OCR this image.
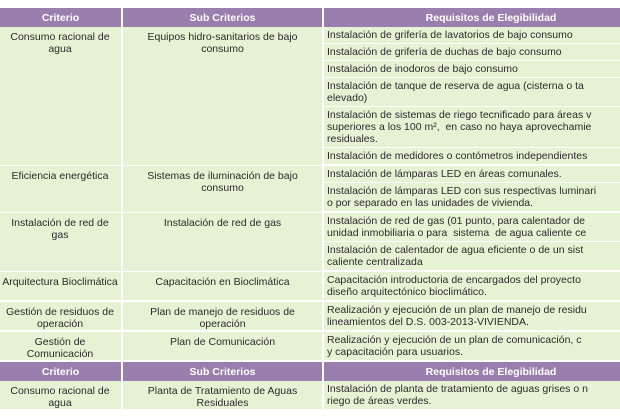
Criterio	Sub Criterios	Requisitos de Elegibilidad

Consumo racional de agua	Equipos hidro-sanitarios de bajo consumo	Instalación de grifería de lavatorios de bajo consumo

		Instalación de grifería de duchas de bajo consumo

		Instalación de inodoros de bajo consumo

		Instalación de tanque de reserva de agua (cisterna o ta
elevado)

		Instalación de sistemas de riego tecnificado para áreas v
superiores a los 100 m²,  en caso no haya aprovechamie
residuales.

		Instalación de medidores o contómetros independientes

Eficiencia energética	Sistemas de iluminación de bajo consumo	Instalación de lámparas LED en áreas comunales.

		Instalación de lámparas LED con sus respectivas luminari
o por separado en las unidades de vivienda.

Instalación de red de gas	Instalación de red de gas	Instalación de red de gas (01 punto, para calentador de
unidad inmobiliaria o para  sistema  de agua caliente ce

		Instalación de calentador de agua eficiente o de un sist
caliente centralizada

Arquitectura Bioclimática	Capacitación en Bioclimática	Capacitación introductoria de encargados del proyecto
diseño arquitectónico bioclimático.

Gestión de residuos de operación	Plan de manejo de residuos de operación	Realización y ejecución de un plan de manejo de residu
lineamientos del D.S. 003-2013-VIVIENDA.

Gestión de Comunicación	Plan de Comunicación	Realización y ejecución de un plan de comunicación, c
y capacitación para usuarios.
Criterio	Sub Criterios	Requisitos de Elegibilidad

Consumo racional de agua	Planta de Tratamiento de Aguas Residuales	Instalación de planta de tratamiento de aguas grises o n
riego de áreas verdes.
